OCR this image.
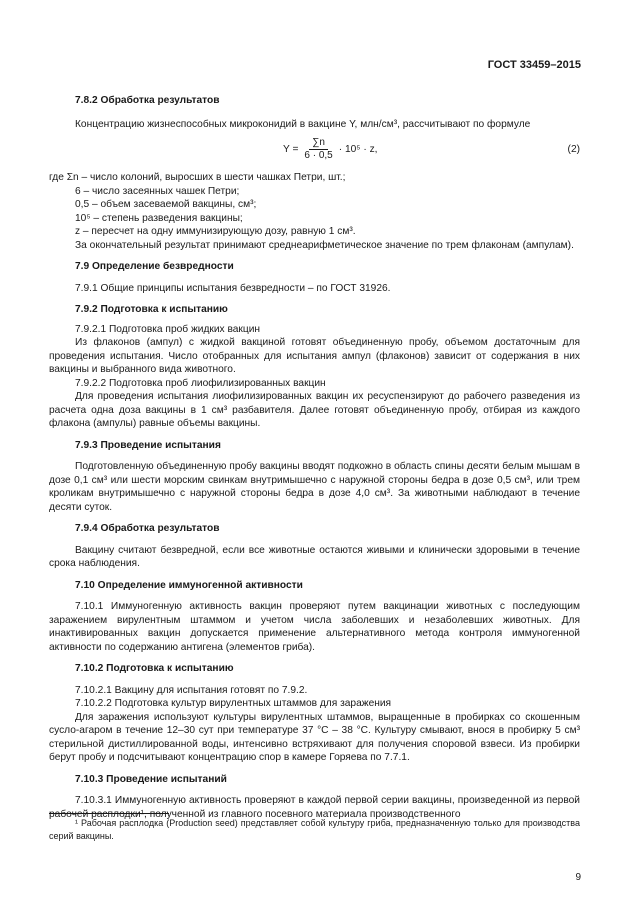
ГОСТ 33459–2015

7.8.2 Обработка результатов

Концентрацию жизнеспособных микроконидий в вакцине Y, млн/см³, рассчитывают по формуле

$Y = \frac{\sum n}{6 \cdot 0,5} \cdot 10^5 \cdot z$,	(2)

где Σn – число колоний, выросших в шести чашках Петри, шт.;

6 – число засеянных чашек Петри;

0,5 – объем засеваемой вакцины, см³;

10⁵ – степень разведения вакцины;

z – пересчет на одну иммунизирующую дозу, равную 1 см³.

За окончательный результат принимают среднеарифметическое значение по трем флаконам (ампулам).

7.9 Определение безвредности

7.9.1 Общие принципы испытания безвредности – по ГОСТ 31926.

7.9.2 Подготовка к испытанию

7.9.2.1 Подготовка проб жидких вакцин

Из флаконов (ампул) с жидкой вакциной готовят объединенную пробу, объемом достаточным для проведения испытания. Число отобранных для испытания ампул (флаконов) зависит от содержания в них вакцины и выбранного вида животного.

7.9.2.2 Подготовка проб лиофилизированных вакцин

Для проведения испытания лиофилизированных вакцин их ресуспензируют до рабочего разведения из расчета одна доза вакцины в 1 см³ разбавителя. Далее готовят объединенную пробу, отбирая из каждого флакона (ампулы) равные объемы вакцины.

7.9.3 Проведение испытания

Подготовленную объединенную пробу вакцины вводят подкожно в область спины десяти белым мышам в дозе 0,1 см³ или шести морским свинкам внутримышечно с наружной стороны бедра в дозе 0,5 см³, или трем кроликам внутримышечно с наружной стороны бедра в дозе 4,0 см³. За животными наблюдают в течение десяти суток.

7.9.4 Обработка результатов

Вакцину считают безвредной, если все животные остаются живыми и клинически здоровыми в течение срока наблюдения.

7.10 Определение иммуногенной активности

7.10.1 Иммуногенную активность вакцин проверяют путем вакцинации животных с последующим заражением вирулентным штаммом и учетом числа заболевших и незаболевших животных. Для инактивированных вакцин допускается применение альтернативного метода контроля иммуногенной активности по содержанию антигена (элементов гриба).

7.10.2 Подготовка к испытанию

7.10.2.1 Вакцину для испытания готовят по 7.9.2.

7.10.2.2 Подготовка культур вирулентных штаммов для заражения

Для заражения используют культуры вирулентных штаммов, выращенные в пробирках со скошенным сусло-агаром в течение 12–30 сут при температуре 37 °C – 38 °C. Культуру смывают, внося в пробирку 5 см³ стерильной дистиллированной воды, интенсивно встряхивают для получения споровой взвеси. Из пробирки берут пробу и подсчитывают концентрацию спор в камере Горяева по 7.7.1.

7.10.3 Проведение испытаний

7.10.3.1 Иммуногенную активность проверяют в каждой первой серии вакцины, произведенной из первой рабочей расплодки¹, полученной из главного посевного материала производственного

¹ Рабочая расплодка (Production seed) представляет собой культуру гриба, предназначенную только для производства серий вакцины.

9
